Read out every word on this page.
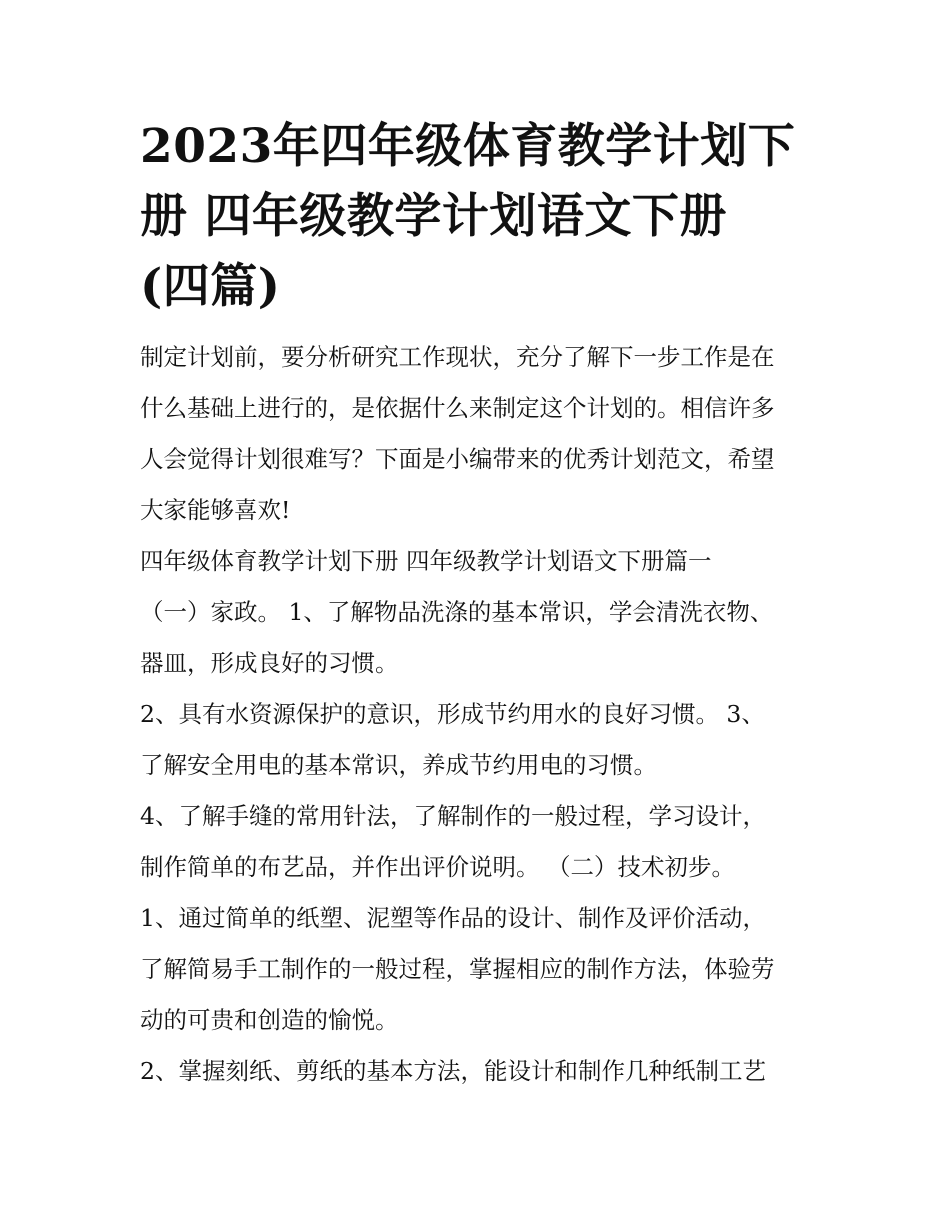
2023年四年级体育教学计划下
册 四年级教学计划语文下册
(四篇)
制定计划前，要分析研究工作现状，充分了解下一步工作是在
什么基础上进行的，是依据什么来制定这个计划的。相信许多
人会觉得计划很难写？下面是小编带来的优秀计划范文，希望
大家能够喜欢!
四年级体育教学计划下册 四年级教学计划语文下册篇一
（一）家政。 1、了解物品洗涤的基本常识，学会清洗衣物、
器皿，形成良好的习惯。
2、具有水资源保护的意识，形成节约用水的良好习惯。 3、
了解安全用电的基本常识，养成节约用电的习惯。
4、了解手缝的常用针法，了解制作的一般过程，学习设计，
制作简单的布艺品，并作出评价说明。 （二）技术初步。
1、通过简单的纸塑、泥塑等作品的设计、制作及评价活动，
了解简易手工制作的一般过程，掌握相应的制作方法，体验劳
动的可贵和创造的愉悦。
2、掌握刻纸、剪纸的基本方法，能设计和制作几种纸制工艺
